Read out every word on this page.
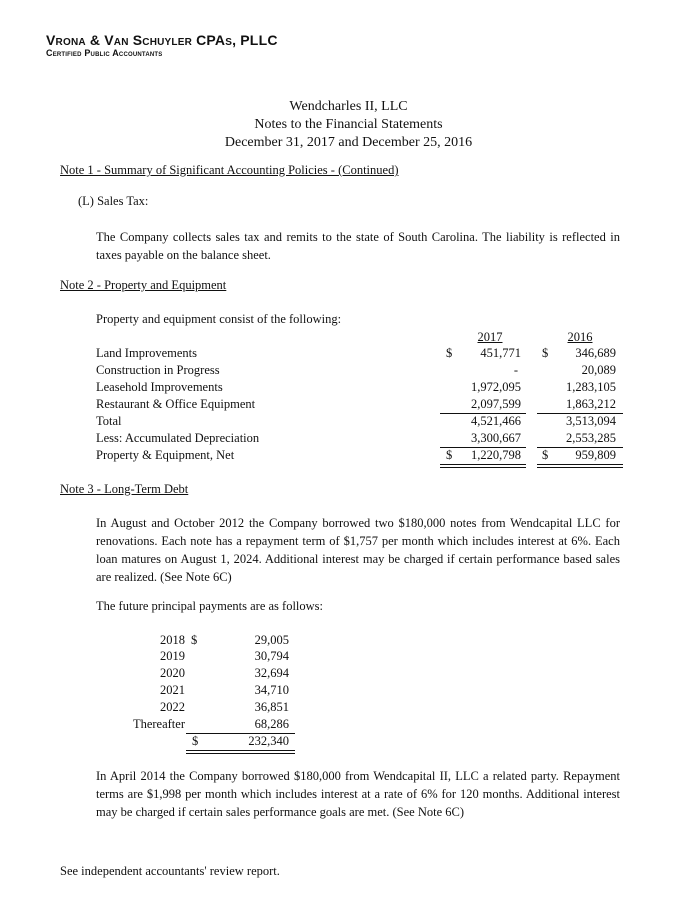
Vrona & Van Schuyler CPAs, PLLC
Certified Public Accountants
Wendcharles II, LLC
Notes to the Financial Statements
December 31, 2017 and December 25, 2016
Note 1 - Summary of Significant Accounting Policies - (Continued)
(L) Sales Tax:
The Company collects sales tax and remits to the state of South Carolina. The liability is reflected in taxes payable on the balance sheet.
Note 2 - Property and Equipment
Property and equipment consist of the following:
2017	2016
$	$
Land Improvements	451,771	346,689
Construction in Progress	-	20,089
Leasehold Improvements	1,972,095	1,283,105
Restaurant & Office Equipment	2,097,599	1,863,212
Total	4,521,466	3,513,094
Less: Accumulated Depreciation	3,300,667	2,553,285
Property & Equipment, Net	$	1,220,798 $	959,809
Note 3 - Long-Term Debt
In August and October 2012 the Company borrowed two $180,000 notes from Wendcapital LLC for renovations. Each note has a repayment term of $1,757 per month which includes interest at 6%. Each loan matures on August 1, 2024. Additional interest may be charged if certain performance based sales are realized. (See Note 6C)
The future principal payments are as follows:
2018 $	29,005
2019	30,794
2020	32,694
2021	34,710
2022	36,851
Thereafter	68,286
$	232,340
In April 2014 the Company borrowed $180,000 from Wendcapital II, LLC a related party. Repayment terms are $1,998 per month which includes interest at a rate of 6% for 120 months. Additional interest may be charged if certain sales performance goals are met. (See Note 6C)
See independent accountants' review report.
